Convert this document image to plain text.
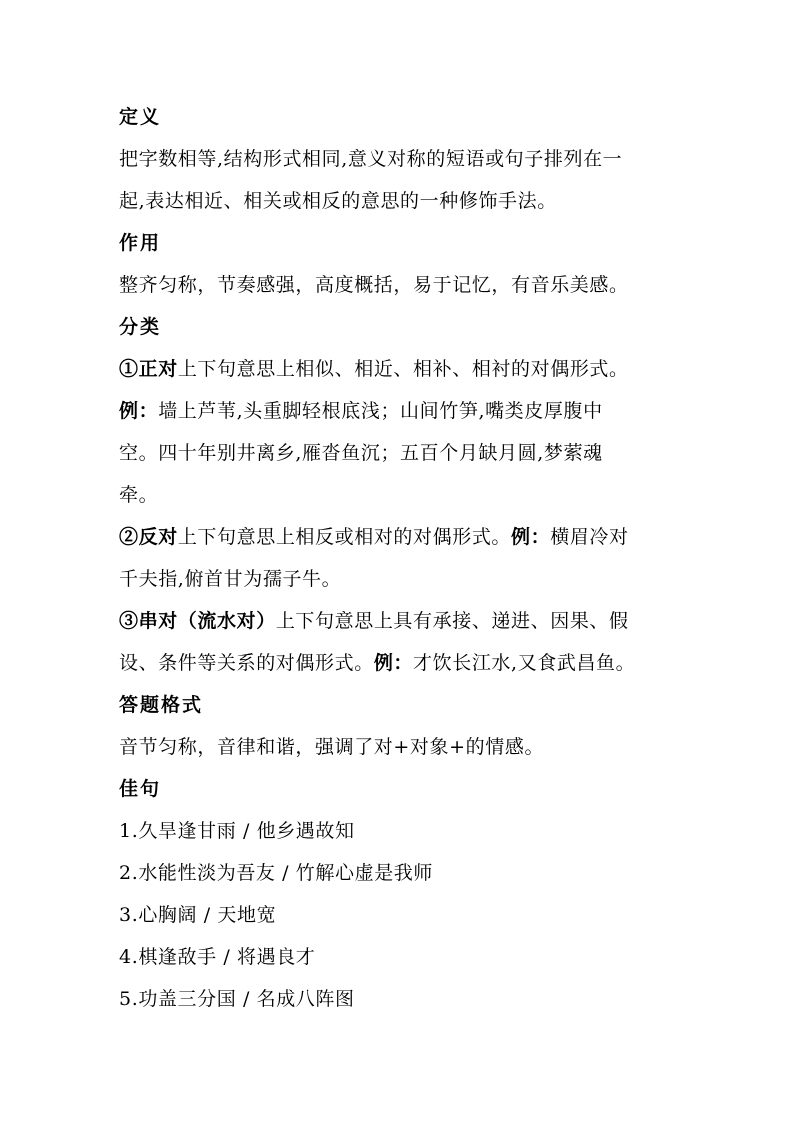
定义
把字数相等,结构形式相同,意义对称的短语或句子排列在一
起,表达相近、相关或相反的意思的一种修饰手法。
作用
整齐匀称，节奏感强，高度概括，易于记忆，有音乐美感。
分类
①正对上下句意思上相似、相近、相补、相衬的对偶形式。
例：墙上芦苇,头重脚轻根底浅；山间竹笋,嘴类皮厚腹中
空。四十年别井离乡,雁沓鱼沉；五百个月缺月圆,梦萦魂
牵。
②反对上下句意思上相反或相对的对偶形式。例：横眉冷对
千夫指,俯首甘为孺子牛。
③串对（流水对）上下句意思上具有承接、递进、因果、假
设、条件等关系的对偶形式。例：才饮长江水,又食武昌鱼。
答题格式
音节匀称，音律和谐，强调了对+对象+的情感。
佳句
1.久旱逢甘雨 / 他乡遇故知
2.水能性淡为吾友 / 竹解心虚是我师
3.心胸阔 / 天地宽
4.棋逢敌手 / 将遇良才
5.功盖三分国 / 名成八阵图
